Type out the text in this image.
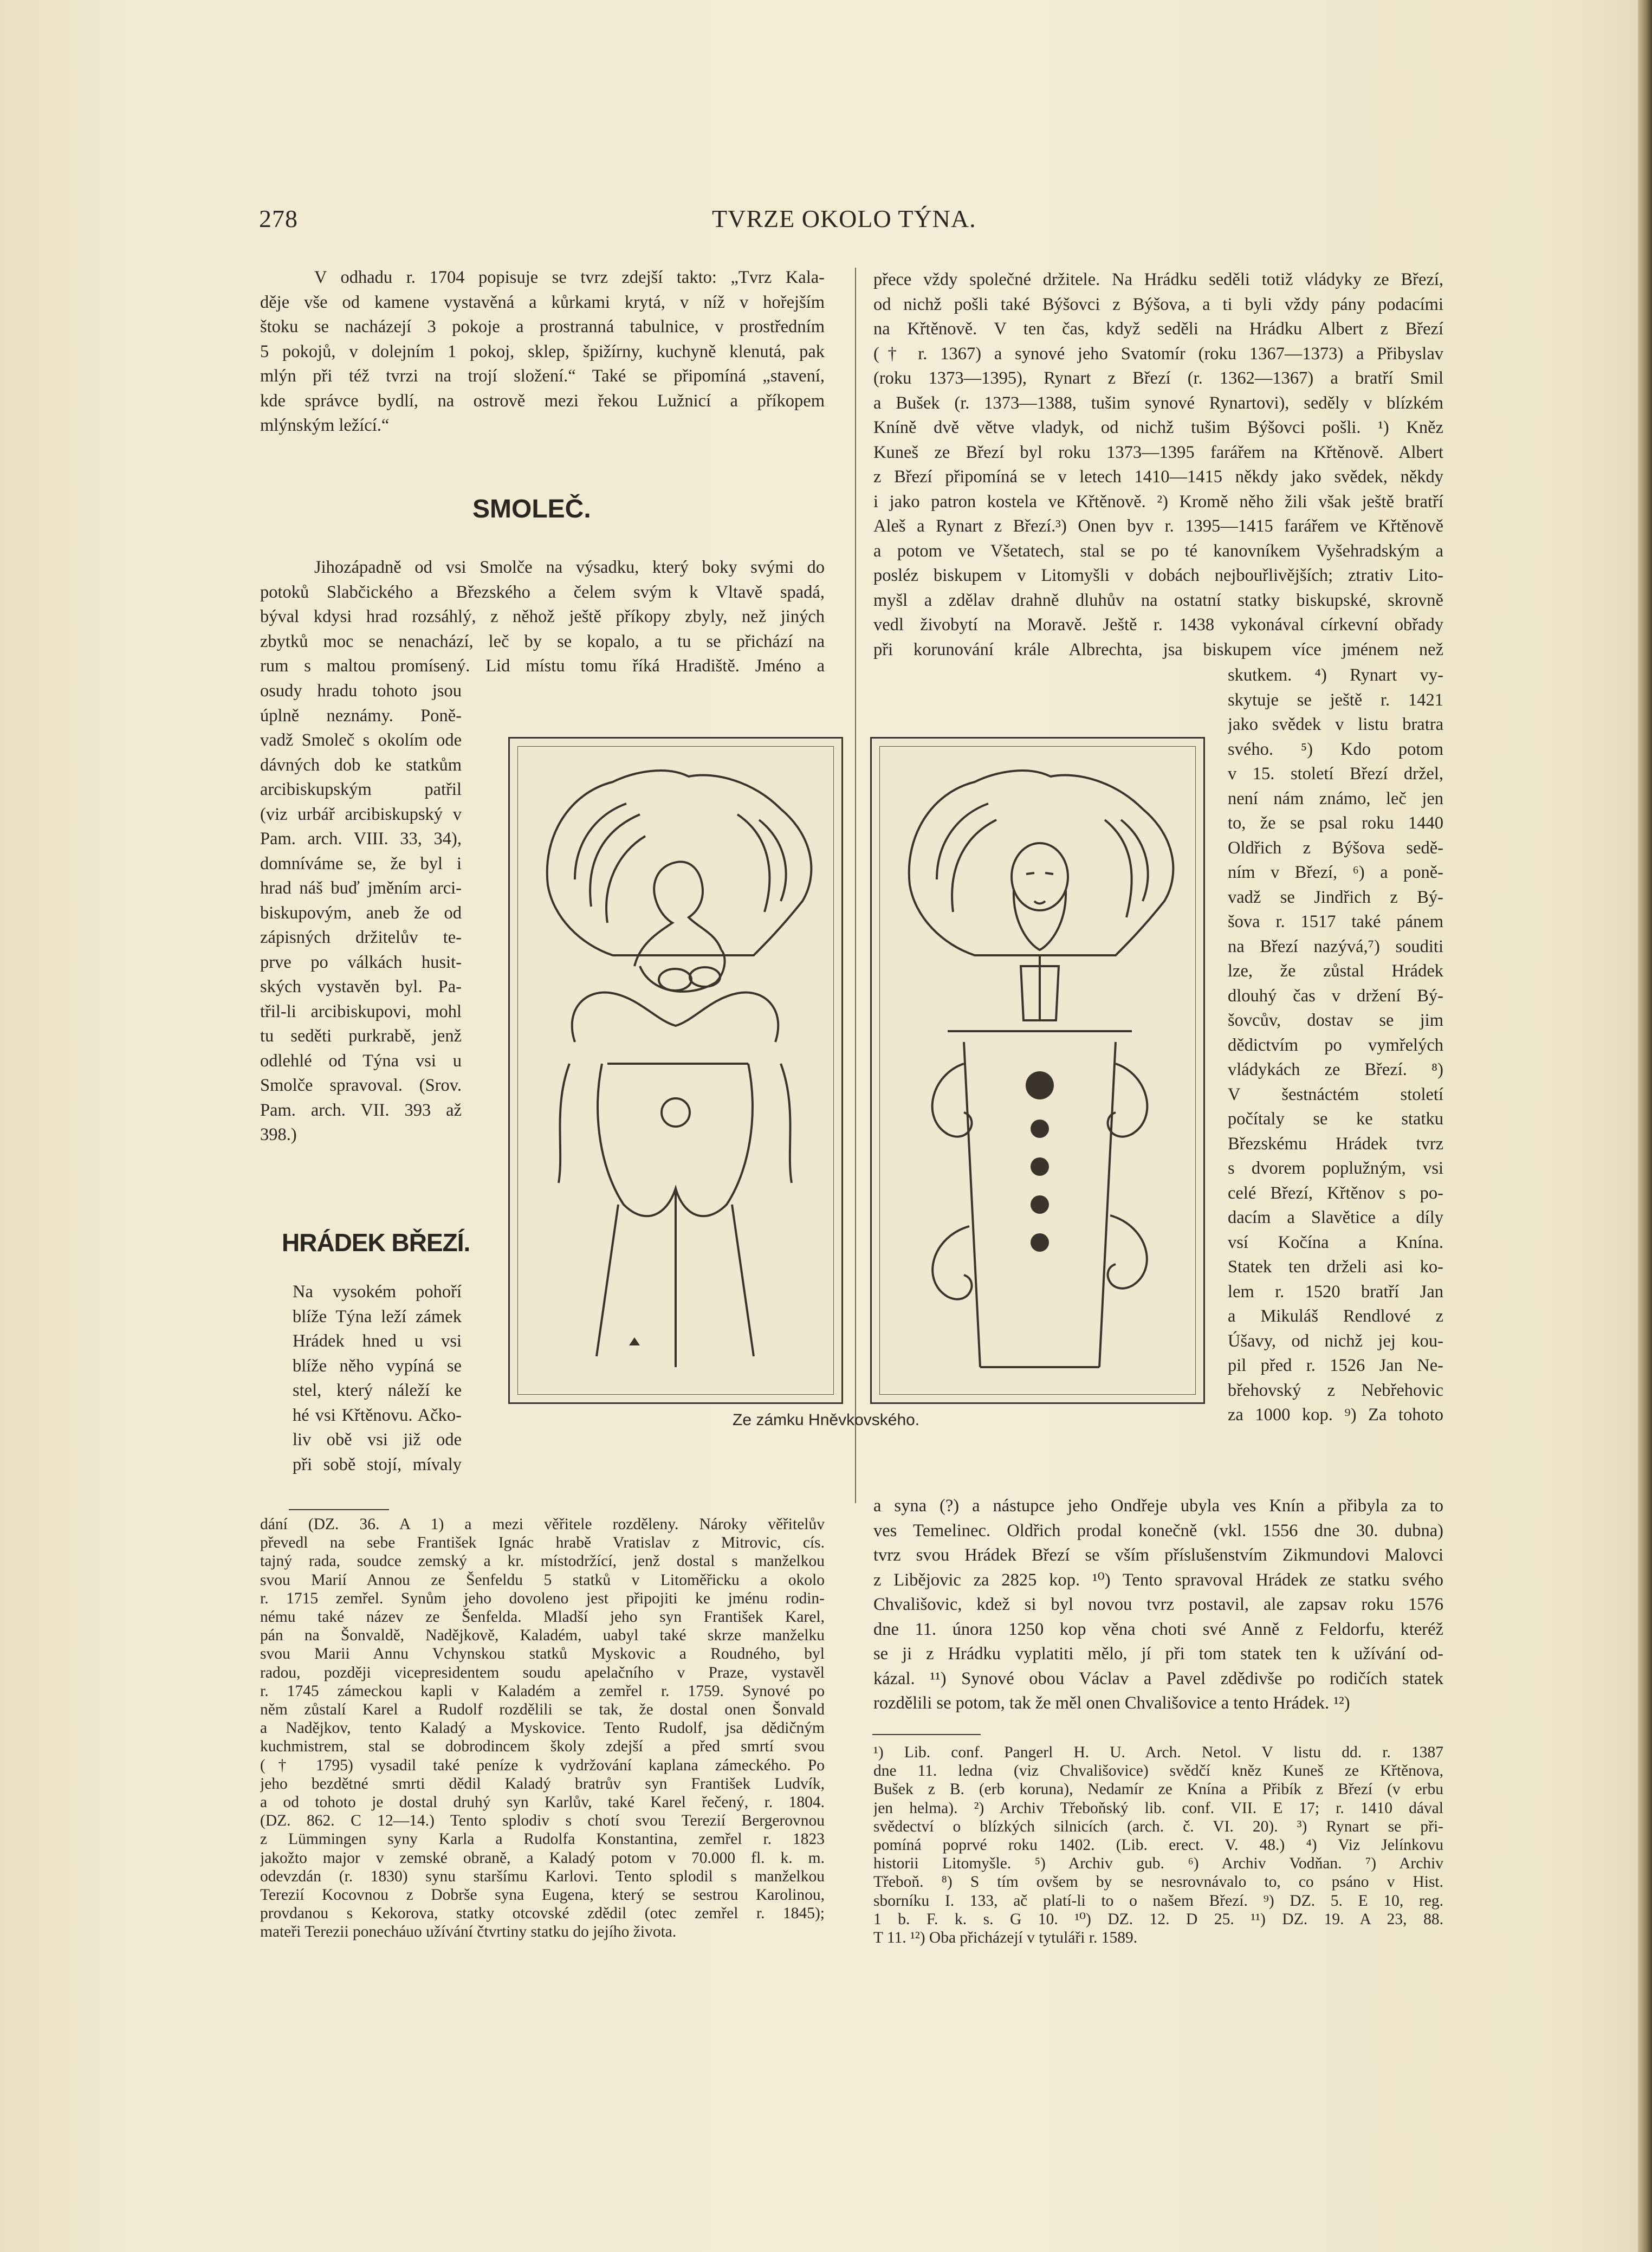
278	TVRZE OKOLO TÝNA.
V odhadu r. 1704 popisuje se tvrz zdejší takto: „Tvrz Kala-
děje vše od kamene vystavěná a kůrkami krytá, v níž v hořejším
štoku se nacházejí 3 pokoje a prostranná tabulnice, v prostředním
5 pokojů, v dolejním 1 pokoj, sklep, špižírny, kuchyně klenutá, pak
mlýn při též tvrzi na trojí složení.“ Také se připomíná „stavení,
kde správce bydlí, na ostrově mezi řekou Lužnicí a příkopem
mlýnským ležící.“
SMOLEČ.
Jihozápadně od vsi Smolče na výsadku, který boky svými do
potoků Slabčického a Březského a čelem svým k Vltavě spadá,
býval kdysi hrad rozsáhlý, z něhož ještě příkopy zbyly, než jiných
zbytků moc se nenachází, leč by se kopalo, a tu se přichází na
rum s maltou promísený. Lid místu tomu říká Hradiště. Jméno a
osudy hradu tohoto jsou
úplně neznámy. Poně-
vadž Smoleč s okolím ode
dávných dob ke statkům
arcibiskupským patřil
(viz urbář arcibiskupský v
Pam. arch. VIII. 33, 34),
domníváme se, že byl i
hrad náš buď jměním arci-
biskupovým, aneb že od
zápisných držitelův te-
prve po válkách husit-
ských vystavěn byl. Pa-
třil-li arcibiskupovi, mohl
tu seděti purkrabě, jenž
odlehlé od Týna vsi u
Smolče spravoval. (Srov.
Pam. arch. VII. 393 až
398.)
HRÁDEK BŘEZÍ.
Na vysokém pohoří
blíže Týna leží zámek
Hrádek hned u vsi
blíže něho vypíná se
stel, který náleží ke
hé vsi Křtěnovu. Ačko-
liv obě vsi již ode
při sobě stojí, mívaly
dání (DZ. 36. A 1) a mezi věřitele rozděleny. Nároky věřitelův
převedl na sebe František Ignác hrabě Vratislav z Mitrovic, cís.
tajný rada, soudce zemský a kr. místodržící, jenž dostal s manželkou
svou Marií Annou ze Šenfeldu 5 statků v Litoměřicku a okolo
r. 1715 zemřel. Synům jeho dovoleno jest připojiti ke jménu rodin-
nému také název ze Šenfelda. Mladší jeho syn František Karel,
pán na Šonvaldě, Nadějkově, Kaladém, uabyl také skrze manželku
svou Marii Annu Vchynskou statků Myskovic a Roudného, byl
radou, později vicepresidentem soudu apelačního v Praze, vystavěl
r. 1745 zámeckou kapli v Kaladém a zemřel r. 1759. Synové po
něm zůstalí Karel a Rudolf rozdělili se tak, že dostal onen Šonvald
a Nadějkov, tento Kaladý a Myskovice. Tento Rudolf, jsa dědičným
kuchmistrem, stal se dobrodincem školy zdejší a před smrtí svou
(† 1795) vysadil také peníze k vydržování kaplana zámeckého. Po
jeho bezdětné smrti dědil Kaladý bratrův syn František Ludvík,
a od tohoto je dostal druhý syn Karlův, také Karel řečený, r. 1804.
(DZ. 862. C 12—14.) Tento splodiv s chotí svou Terezií Bergerovnou
z Lümmingen syny Karla a Rudolfa Konstantina, zemřel r. 1823
jakožto major v zemské obraně, a Kaladý potom v 70.000 fl. k. m.
odevzdán (r. 1830) synu staršímu Karlovi. Tento splodil s manželkou
Terezií Kocovnou z Dobrše syna Eugena, který se sestrou Karolinou,
provdanou s Kekorova, statky otcovské zdědil (otec zemřel r. 1845);
mateři Terezii ponecháuo užívání čtvrtiny statku do jejího života.
přece vždy společné držitele. Na Hrádku seděli totiž vládyky ze Březí,
od nichž pošli také Býšovci z Býšova, a ti byli vždy pány podacími
na Křtěnově. V ten čas, když seděli na Hrádku Albert z Březí
(† r. 1367) a synové jeho Svatomír (roku 1367—1373) a Přibyslav
(roku 1373—1395), Rynart z Březí (r. 1362—1367) a bratří Smil
a Bušek (r. 1373—1388, tušim synové Rynartovi), seděly v blízkém
Kníně dvě větve vladyk, od nichž tušim Býšovci pošli. ¹) Kněz
Kuneš ze Březí byl roku 1373—1395 farářem na Křtěnově. Albert
z Březí připomíná se v letech 1410—1415 někdy jako svědek, někdy
i jako patron kostela ve Křtěnově. ²) Kromě něho žili však ještě bratří
Aleš a Rynart z Březí.³) Onen byv r. 1395—1415 farářem ve Křtěnově
a potom ve Všetatech, stal se po té kanovníkem Vyšehradským a
posléz biskupem v Litomyšli v dobách nejbouřlivějších; ztrativ Lito-
myšl a zdělav drahně dluhův na ostatní statky biskupské, skrovně
vedl živobytí na Moravě. Ještě r. 1438 vykonával církevní obřady
při korunování krále Albrechta, jsa biskupem více jménem než
skutkem. ⁴) Rynart vy-
skytuje se ještě r. 1421
jako svědek v listu bratra
svého. ⁵) Kdo potom
v 15. století Březí držel,
není nám známo, leč jen
to, že se psal roku 1440
Oldřich z Býšova sedě-
ním v Březí, ⁶) a poně-
vadž se Jindřich z Bý-
šova r. 1517 také pánem
na Březí nazývá,⁷) souditi
lze, že zůstal Hrádek
dlouhý čas v držení Bý-
šovcův, dostav se jim
dědictvím po vymřelých
vládykách ze Březí. ⁸)
V šestnáctém století
počítaly se ke statku
Březskému Hrádek tvrz
s dvorem poplužným, vsi
celé Březí, Křtěnov s po-
dacím a Slavětice a díly
vsí Kočína a Knína.
Statek ten drželi asi ko-
lem r. 1520 bratří Jan
a Mikuláš Rendlové z
Úšavy, od nichž jej kou-
pil před r. 1526 Jan Ne-
břehovský z Nebřehovic
za 1000 kop. ⁹) Za tohoto
a syna (?) a nástupce jeho Ondřeje ubyla ves Knín a přibyla za to
ves Temelinec. Oldřich prodal konečně (vkl. 1556 dne 30. dubna)
tvrz svou Hrádek Březí se vším příslušenstvím Zikmundovi Malovci
z Libějovic za 2825 kop. ¹⁰) Tento spravoval Hrádek ze statku svého
Chvališovic, kdež si byl novou tvrz postavil, ale zapsav roku 1576
dne 11. února 1250 kop věna choti své Anně z Feldorfu, kteréž
se ji z Hrádku vyplatiti mělo, jí při tom statek ten k užívání od-
kázal. ¹¹) Synové obou Václav a Pavel zdědivše po rodičích statek
rozdělili se potom, tak že měl onen Chvališovice a tento Hrádek. ¹²)
¹) Lib. conf. Pangerl H. U. Arch. Netol. V listu dd. r. 1387
dne 11. ledna (viz Chvališovice) svědčí kněz Kuneš ze Křtěnova,
Bušek z B. (erb koruna), Nedamír ze Knína a Přibík z Březí (v erbu
jen helma). ²) Archiv Třeboňský lib. conf. VII. E 17; r. 1410 dával
svědectví o blízkých silnicích (arch. č. VI. 20). ³) Rynart se při-
pomíná poprvé roku 1402. (Lib. erect. V. 48.) ⁴) Viz Jelínkovu
historii Litomyšle. ⁵) Archiv gub. ⁶) Archiv Vodňan. ⁷) Archiv
Třeboň. ⁸) S tím ovšem by se nesrovnávalo to, co psáno v Hist.
sborníku I. 133, ač platí-li to o našem Březí. ⁹) DZ. 5. E 10, reg.
1 b. F. k. s. G 10. ¹⁰) DZ. 12. D 25. ¹¹) DZ. 19. A 23, 88.
T 11. ¹²) Oba přicházejí v tytuláři r. 1589.
Ze zámku Hněvkovského.
